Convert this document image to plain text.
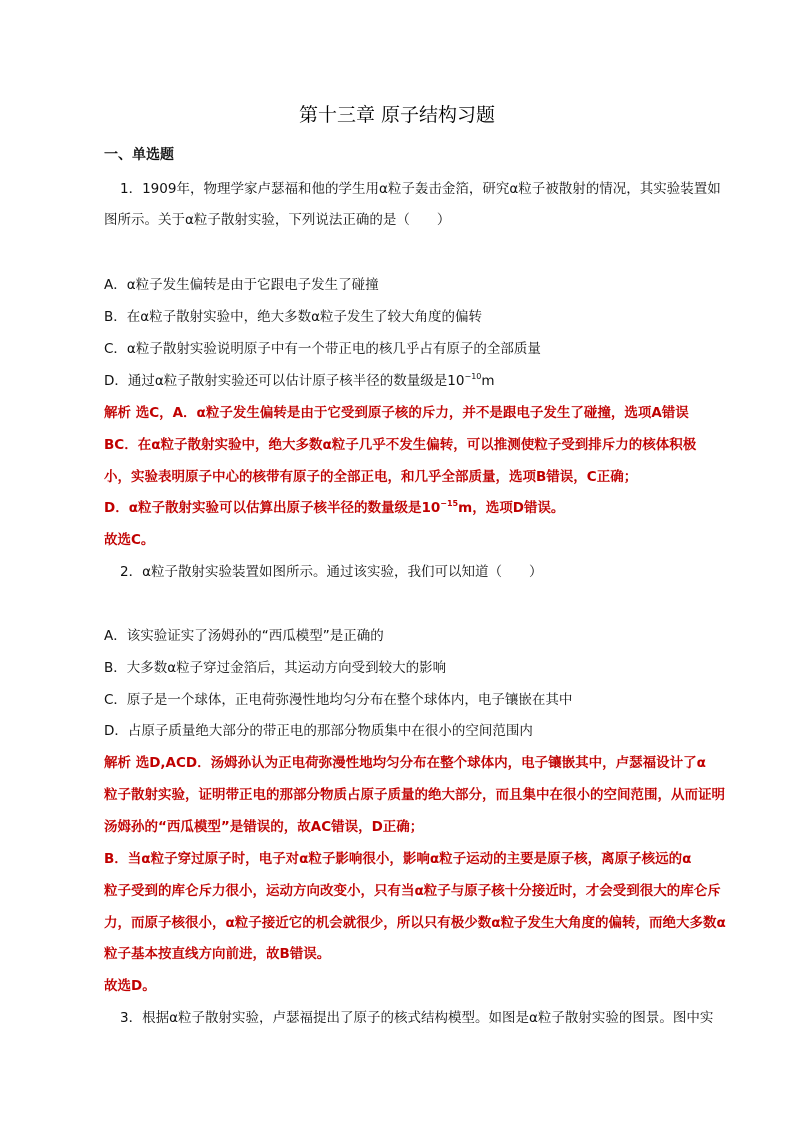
第十三章 原子结构习题
一、单选题
1．1909年，物理学家卢瑟福和他的学生用α粒子轰击金箔，研究α粒子被散射的情况，其实验装置如
图所示。关于α粒子散射实验，下列说法正确的是（　　）
A．α粒子发生偏转是由于它跟电子发生了碰撞
B．在α粒子散射实验中，绝大多数α粒子发生了较大角度的偏转
C．α粒子散射实验说明原子中有一个带正电的核几乎占有原子的全部质量
D．通过α粒子散射实验还可以估计原子核半径的数量级是$10^{-10}m$
解析 选C，A．α粒子发生偏转是由于它受到原子核的斥力，并不是跟电子发生了碰撞，选项A错误
BC．在α粒子散射实验中，绝大多数α粒子几乎不发生偏转，可以推测使粒子受到排斥力的核体积极
小，实验表明原子中心的核带有原子的全部正电，和几乎全部质量，选项B错误，C正确；
D．α粒子散射实验可以估算出原子核半径的数量级是$10^{-15}m$，选项D错误。
故选C。
2．α粒子散射实验装置如图所示。通过该实验，我们可以知道（　　）
A．该实验证实了汤姆孙的“西瓜模型”是正确的
B．大多数α粒子穿过金箔后，其运动方向受到较大的影响
C．原子是一个球体，正电荷弥漫性地均匀分布在整个球体内，电子镶嵌在其中
D．占原子质量绝大部分的带正电的那部分物质集中在很小的空间范围内
解析 选D,ACD．汤姆孙认为正电荷弥漫性地均匀分布在整个球体内，电子镶嵌其中，卢瑟福设计了α
粒子散射实验，证明带正电的那部分物质占原子质量的绝大部分，而且集中在很小的空间范围，从而证明
汤姆孙的“西瓜模型”是错误的，故AC错误，D正确；
B．当α粒子穿过原子时，电子对α粒子影响很小，影响α粒子运动的主要是原子核，离原子核远的α
粒子受到的库仑斥力很小，运动方向改变小，只有当α粒子与原子核十分接近时，才会受到很大的库仑斥
力，而原子核很小，α粒子接近它的机会就很少，所以只有极少数α粒子发生大角度的偏转，而绝大多数α
粒子基本按直线方向前进，故B错误。
故选D。
3．根据α粒子散射实验，卢瑟福提出了原子的核式结构模型。如图是α粒子散射实验的图景。图中实
